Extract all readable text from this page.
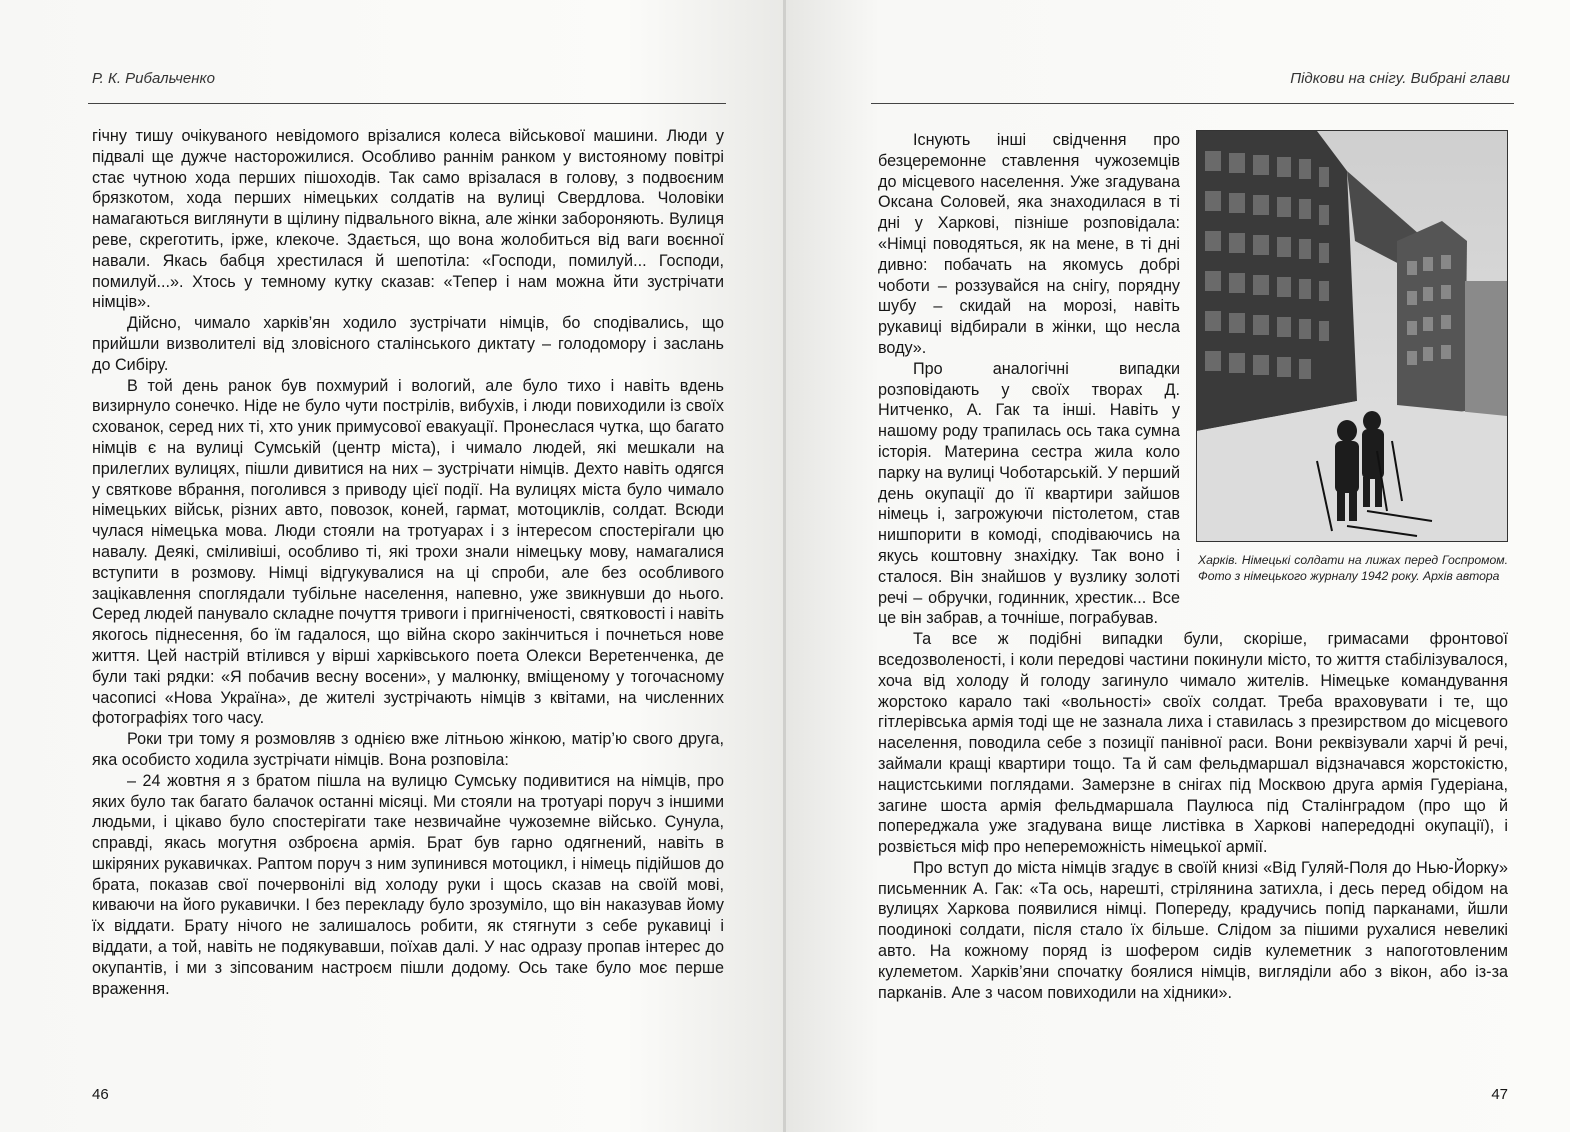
Р. К. Рибальченко

гічну тишу очікуваного невідомого врізалися колеса військової машини. Люди у підвалі ще дужче насторожилися. Особливо раннім ранком у вистояному повітрі стає чутною хода перших пішоходів. Так само врізалася в голову, з подвоєним брязкотом, хода перших німецьких солдатів на вулиці Свердлова. Чоловіки намагаються виглянути в щілину підвального вікна, але жінки забороняють. Вулиця реве, скреготить, ірже, клекоче. Здається, що вона жолобиться від ваги воєнної навали. Якась бабця хрестилася й шепотіла: «Господи, помилуй... Господи, помилуй...». Хтось у темному кутку сказав: «Тепер і нам можна йти зустрічати німців».

Дійсно, чимало харків’ян ходило зустрічати німців, бо сподівались, що прийшли визволителі від зловісного сталінського диктату – голодомору і заслань до Сибіру.

В той день ранок був похмурий і вологий, але було тихо і навіть вдень визирнуло сонечко. Ніде не було чути пострілів, вибухів, і люди повиходили із своїх схованок, серед них ті, хто уник примусової евакуації. Пронеслася чутка, що багато німців є на вулиці Сумській (центр міста), і чимало людей, які мешкали на прилеглих вулицях, пішли дивитися на них – зустрічати німців. Дехто навіть одягся у святкове вбрання, поголився з приводу цієї події. На вулицях міста було чимало німецьких військ, різних авто, повозок, коней, гармат, мотоциклів, солдат. Всюди чулася німецька мова. Люди стояли на тротуарах і з інтересом спостерігали цю навалу. Деякі, сміливіші, особливо ті, які трохи знали німецьку мову, намагалися вступити в розмову. Німці відгукувалися на ці спроби, але без особливого зацікавлення споглядали тубільне населення, напевно, уже звикнувши до нього. Серед людей панувало складне почуття тривоги і пригніченості, святковості і навіть якогось піднесення, бо їм гадалося, що війна скоро закінчиться і почнеться нове життя. Цей настрій втілився у вірші харківського поета Олекси Веретенченка, де були такі рядки: «Я побачив весну восени», у малюнку, вміщеному у тогочасному часописі «Нова Україна», де жителі зустрічають німців з квітами, на численних фотографіях того часу.

Роки три тому я розмовляв з однією вже літньою жінкою, матір’ю свого друга, яка особисто ходила зустрічати німців. Вона розповіла:

– 24 жовтня я з братом пішла на вулицю Сумську подивитися на німців, про яких було так багато балачок останні місяці. Ми стояли на тротуарі поруч з іншими людьми, і цікаво було спостерігати таке незвичайне чужоземне військо. Сунула, справді, якась могутня озброєна армія. Брат був гарно одягнений, навіть в шкіряних рукавичках. Раптом поруч з ним зупинився мотоцикл, і німець підійшов до брата, показав свої почервонілі від холоду руки і щось сказав на своїй мові, киваючи на його рукавички. І без перекладу було зрозуміло, що він наказував йому їх віддати. Брату нічого не залишалось робити, як стягнути з себе рукавиці і віддати, а той, навіть не подякувавши, поїхав далі. У нас одразу пропав інтерес до окупантів, і ми з зіпсованим настроєм пішли додому. Ось таке було моє перше враження.

46
Підкови на снігу. Вибрані глави
Харків. Німецькі солдати на лижах перед Госпромом. Фото з німецького журналу 1942 року. Архів автора

Існують інші свідчення про безцеремонне ставлення чужоземців до місцевого населення. Уже згадувана Оксана Соловей, яка знаходилася в ті дні у Харкові, пізніше розповідала: «Німці поводяться, як на мене, в ті дні дивно: побачать на якомусь добрі чоботи – роззувайся на снігу, порядну шубу – скидай на морозі, навіть рукавиці відбирали в жінки, що несла воду».

Про аналогічні випадки розповідають у своїх творах Д. Нитченко, А. Гак та інші. Навіть у нашому роду трапилась ось така сумна історія. Материна сестра жила коло парку на вулиці Чоботарській. У перший день окупації до її квартири зайшов німець і, загрожуючи пістолетом, став нишпорити в комоді, сподіваючись на якусь коштовну знахідку. Так воно і сталося. Він знайшов у вузлику золоті речі – обручки, годинник, хрестик... Все це він забрав, а точніше, пограбував.

Та все ж подібні випадки були, скоріше, гримасами фронтової вседозволеності, і коли передові частини покинули місто, то життя стабілізувалося, хоча від холоду й голоду загинуло чимало жителів. Німецьке командування жорстоко карало такі «вольності» своїх солдат. Треба враховувати і те, що гітлерівська армія тоді ще не зазнала лиха і ставилась з презирством до місцевого населення, поводила себе з позиції панівної раси. Вони реквізували харчі й речі, займали кращі квартири тощо. Та й сам фельдмаршал відзначався жорстокістю, нацистськими поглядами. Замерзне в снігах під Москвою друга армія Гудеріана, загине шоста армія фельдмаршала Паулюса під Сталінградом (про що й попереджала уже згадувана вище листівка в Харкові напередодні окупації), і розвіється міф про непереможність німецької армії.

Про вступ до міста німців згадує в своїй книзі «Від Гуляй-Поля до Нью-Йорку» письменник А. Гак: «Та ось, нарешті, стрілянина затихла, і десь перед обідом на вулицях Харкова появилися німці. Попереду, крадучись попід парканами, йшли поодинокі солдати, після стало їх більше. Слідом за пішими рухалися невеликі авто. На кожному поряд із шофером сидів кулеметник з напоготовленим кулеметом. Харків’яни спочатку боялися німців, вигляділи або з вікон, або із-за парканів. Але з часом повиходили на хідники».

47
